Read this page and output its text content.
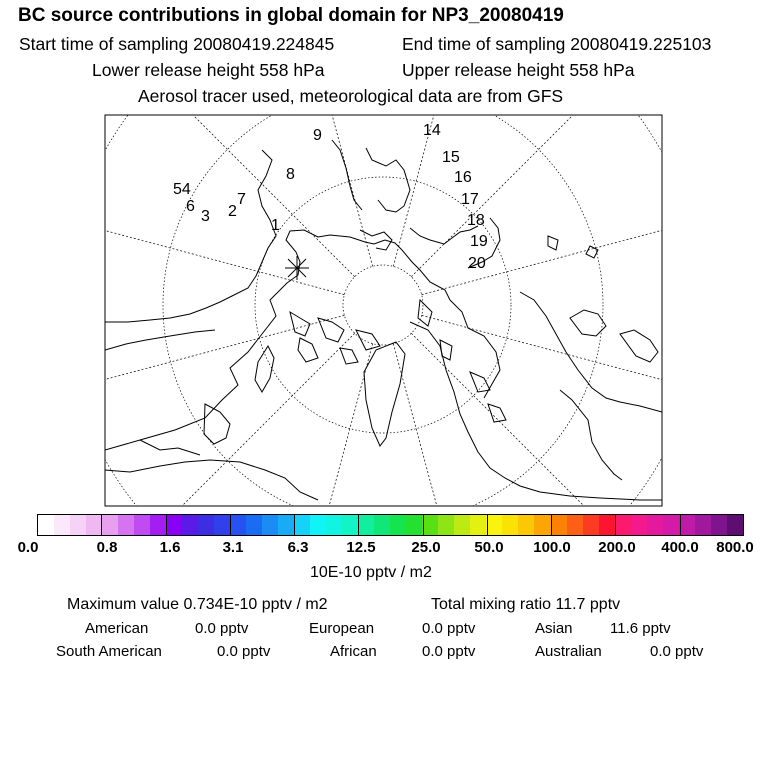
BC source contributions in global domain for NP3_20080419
Start time of sampling 20080419.224845	End time of sampling 20080419.225103
Lower release height 558 hPa	Upper release height 558 hPa
Aerosol tracer used, meteorological data are from GFS
9	14
8
15
16
54
7	17
6
3 2
18
1
19
20
0.0	0.8	1.6	3.1	6.3	12.5 25.0 50.0 100.0 200.0 400.0 800.0
10E-10 pptv / m2
Maximum value 0.734E-10 pptv / m2	Total mixing ratio 11.7 pptv
American	0.0 pptv	European	0.0 pptv	Asian 11.6 pptv
South American	0.0 pptv	African	0.0 pptv	Australian	0.0 pptv
